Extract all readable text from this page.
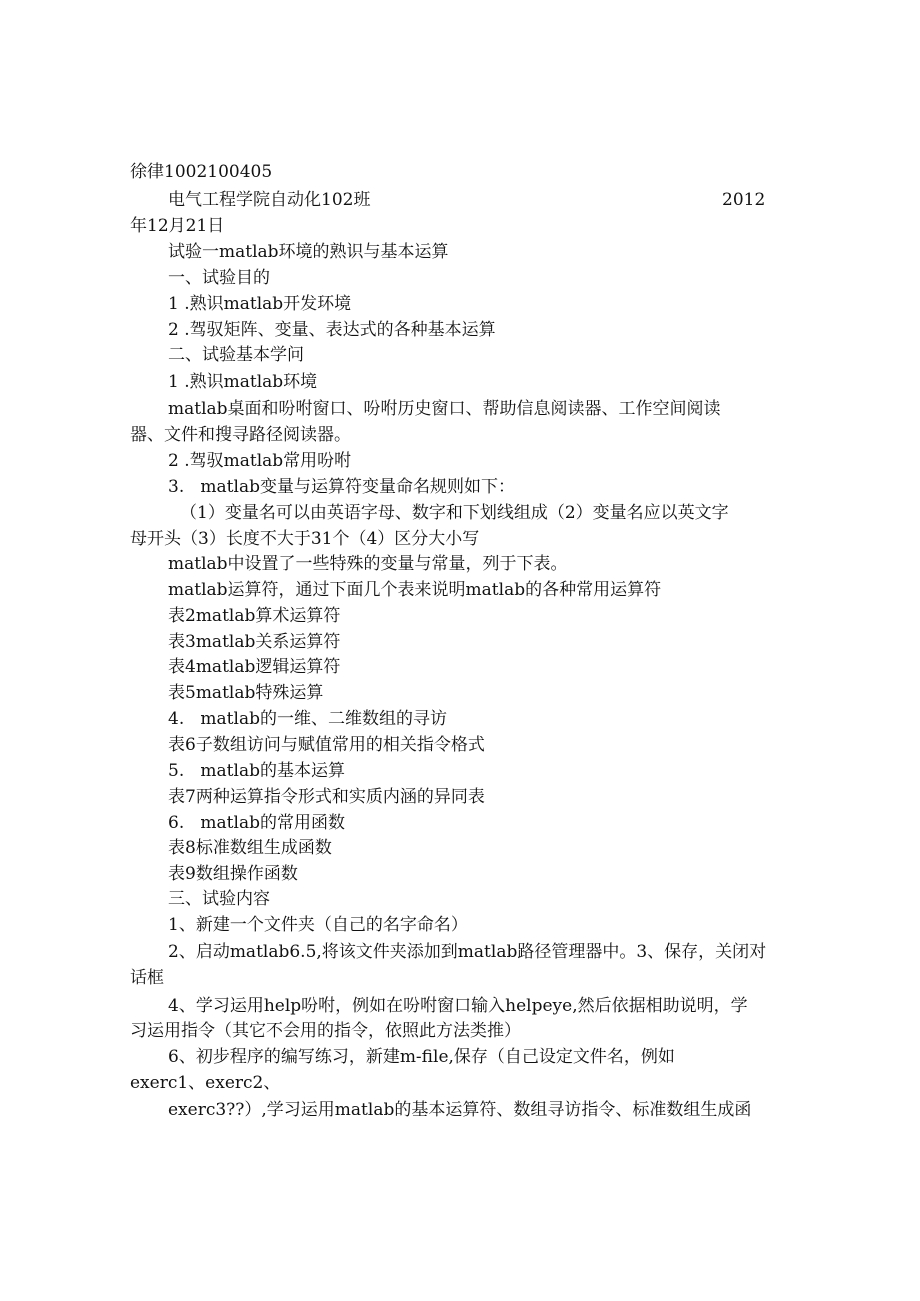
徐律1002100405
电气工程学院自动化102班	2012
年12月21日
试验一matlab环境的熟识与基本运算
一、试验目的
1 .熟识matlab开发环境
2 .驾驭矩阵、变量、表达式的各种基本运算
二、试验基本学问
1 .熟识matlab环境
matlab桌面和吩咐窗口、吩咐历史窗口、帮助信息阅读器、工作空间阅读
器、文件和搜寻路径阅读器。
2 .驾驭matlab常用吩咐
3.   matlab变量与运算符变量命名规则如下：
（1）变量名可以由英语字母、数字和下划线组成（2）变量名应以英文字
母开头（3）长度不大于31个（4）区分大小写
matlab中设置了一些特殊的变量与常量，列于下表。
matlab运算符，通过下面几个表来说明matlab的各种常用运算符
表2matlab算术运算符
表3matlab关系运算符
表4matlab逻辑运算符
表5matlab特殊运算
4.   matlab的一维、二维数组的寻访
表6子数组访问与赋值常用的相关指令格式
5.   matlab的基本运算
表7两种运算指令形式和实质内涵的异同表
6.   matlab的常用函数
表8标准数组生成函数
表9数组操作函数
三、试验内容
1、新建一个文件夹（自己的名字命名）
2、启动matlab6.5,将该文件夹添加到matlab路径管理器中。3、保存，关闭对
话框
4、学习运用help吩咐，例如在吩咐窗口输入helpeye,然后依据相助说明，学
习运用指令（其它不会用的指令，依照此方法类推）
6、初步程序的编写练习，新建m-file,保存（自己设定文件名，例如
exerc1、exerc2、
exerc3??）,学习运用matlab的基本运算符、数组寻访指令、标准数组生成函
